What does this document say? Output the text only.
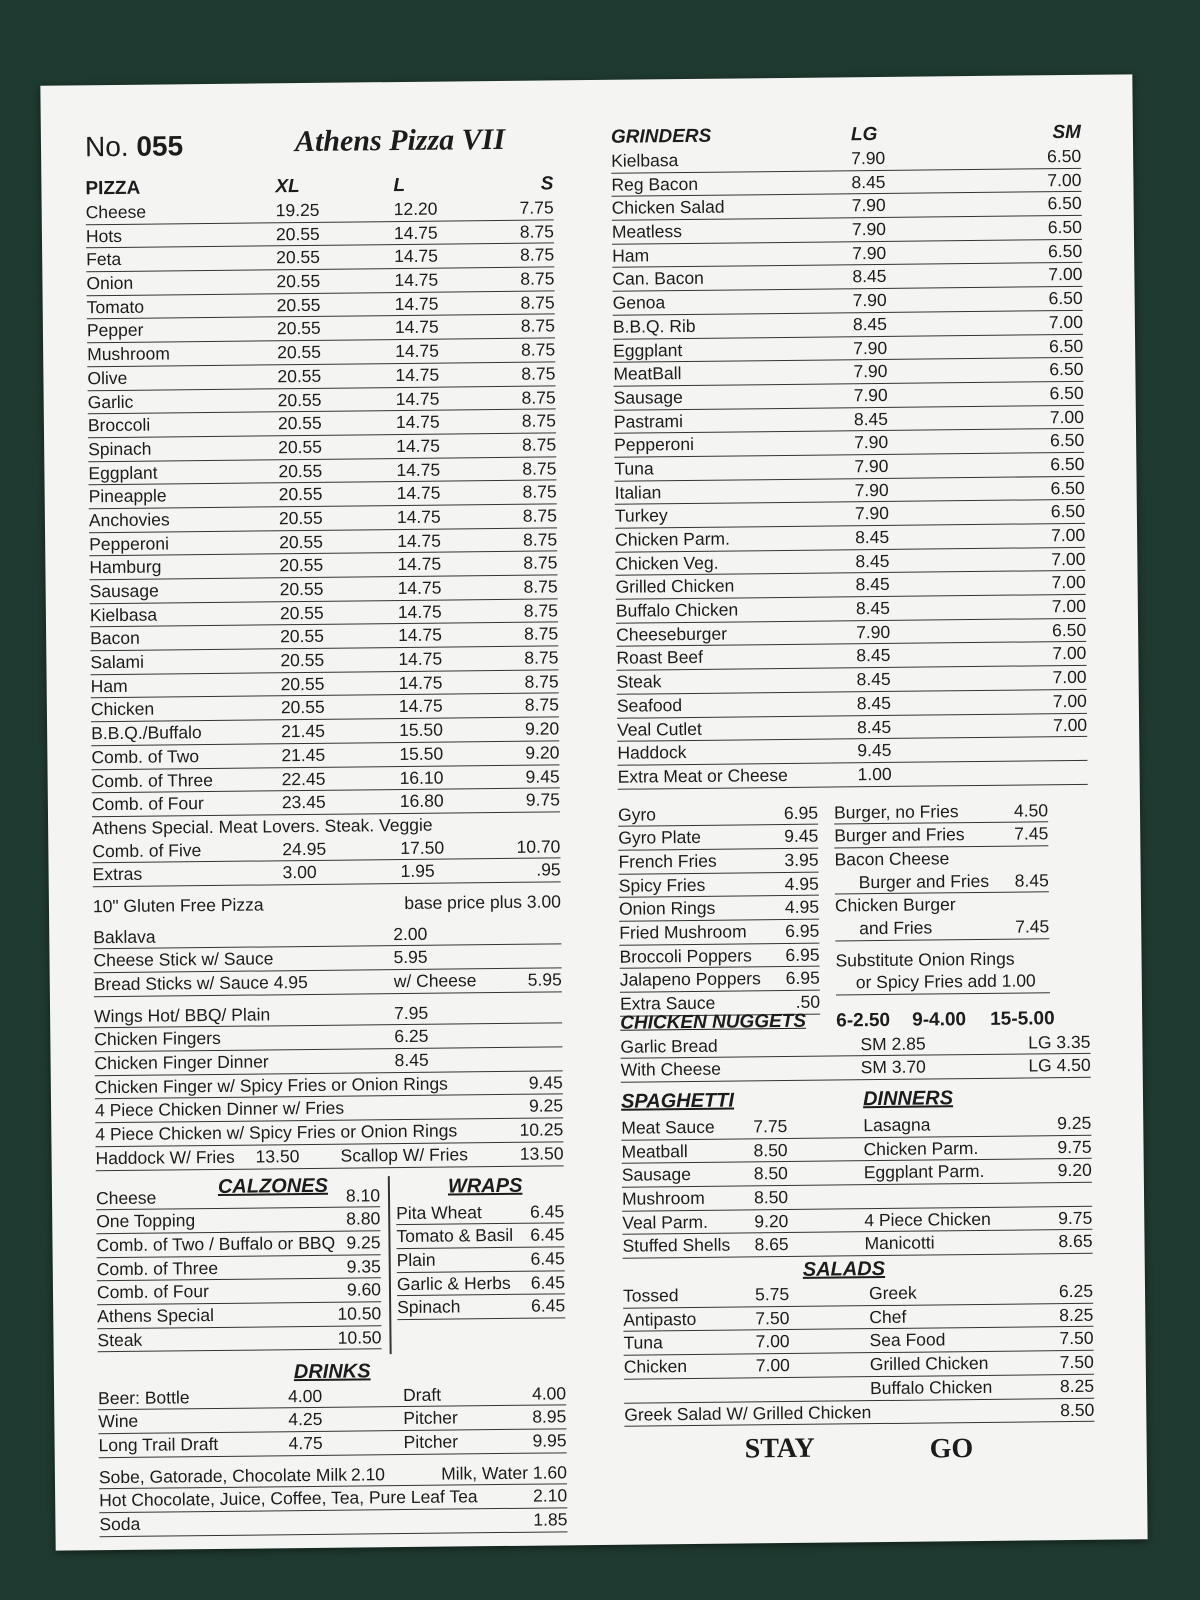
No. 055	Athens Pizza VII
PIZZA	XL	L	S
Cheese	19.25	12.20	7.75
Hots	20.55	14.75	8.75
Feta	20.55	14.75	8.75
Onion	20.55	14.75	8.75
Tomato	20.55	14.75	8.75
Pepper	20.55	14.75	8.75
Mushroom	20.55	14.75	8.75
Olive	20.55	14.75	8.75
Garlic	20.55	14.75	8.75
Broccoli	20.55	14.75	8.75
Spinach	20.55	14.75	8.75
Eggplant	20.55	14.75	8.75
Pineapple	20.55	14.75	8.75
Anchovies	20.55	14.75	8.75
Pepperoni	20.55	14.75	8.75
Hamburg	20.55	14.75	8.75
Sausage	20.55	14.75	8.75
Kielbasa	20.55	14.75	8.75
Bacon	20.55	14.75	8.75
Salami	20.55	14.75	8.75
Ham	20.55	14.75	8.75
Chicken	20.55	14.75	8.75
B.B.Q./Buffalo	21.45	15.50	9.20
Comb. of Two	21.45	15.50	9.20
Comb. of Three	22.45	16.10	9.45
Comb. of Four	23.45	16.80	9.75
Athens Special. Meat Lovers. Steak. Veggie
Comb. of Five	24.95	17.50	10.70
Extras	3.00	1.95	.95
10" Gluten Free Pizza	base price plus 3.00
Baklava	2.00
Cheese Stick w/ Sauce	5.95
Bread Sticks w/ Sauce 4.95	w/ Cheese	5.95
Wings Hot/ BBQ/ Plain	7.95
Chicken Fingers	6.25
Chicken Finger Dinner	8.45
Chicken Finger w/ Spicy Fries or Onion Rings	9.45
4 Piece Chicken Dinner w/ Fries	9.25
4 Piece Chicken w/ Spicy Fries or Onion Rings	10.25
Haddock W/ Fries 13.50 Scallop W/ Fries	13.50
CALZONES
Cheese	8.10
One Topping	8.80
Comb. of Two / Buffalo or BBQ 9.25
Comb. of Three	9.35
Comb. of Four	9.60
Athens Special	10.50
Steak	10.50
WRAPS
Pita Wheat	6.45
Tomato & Basil 6.45
Plain	6.45
Garlic & Herbs 6.45
Spinach	6.45
DRINKS
Beer: Bottle	4.00	Draft	4.00
Wine	4.25	Pitcher	8.95
Long Trail Draft	4.75	Pitcher	9.95
Sobe, Gatorade, Chocolate Milk 2.10	Milk, Water 1.60
Hot Chocolate, Juice, Coffee, Tea, Pure Leaf Tea	2.10
Soda	1.85
GRINDERS	LG	SM
Kielbasa	7.90	6.50
Reg Bacon	8.45	7.00
Chicken Salad	7.90	6.50
Meatless	7.90	6.50
Ham	7.90	6.50
Can. Bacon	8.45	7.00
Genoa	7.90	6.50
B.B.Q. Rib	8.45	7.00
Eggplant	7.90	6.50
MeatBall	7.90	6.50
Sausage	7.90	6.50
Pastrami	8.45	7.00
Pepperoni	7.90	6.50
Tuna	7.90	6.50
Italian	7.90	6.50
Turkey	7.90	6.50
Chicken Parm.	8.45	7.00
Chicken Veg.	8.45	7.00
Grilled Chicken	8.45	7.00
Buffalo Chicken	8.45	7.00
Cheeseburger	7.90	6.50
Roast Beef	8.45	7.00
Steak	8.45	7.00
Seafood	8.45	7.00
Veal Cutlet	8.45	7.00
Haddock	9.45
Extra Meat or Cheese	1.00
Gyro	6.95
Gyro Plate	9.45
French Fries	3.95
Spicy Fries	4.95
Onion Rings	4.95
Fried Mushroom 6.95
Broccoli Poppers 6.95
Jalapeno Poppers 6.95
Extra Sauce	.50
Burger, no Fries	4.50
Burger and Fries	7.45
Bacon Cheese
Burger and Fries 8.45
Chicken Burger
and Fries	7.45
Substitute Onion Rings
or Spicy Fries add 1.00
CHICKEN NUGGETS 6-2.50 9-4.00 15-5.00
Garlic Bread	SM 2.85	LG 3.35
With Cheese	SM 3.70	LG 4.50
SPAGHETTI	DINNERS
Meat Sauce 7.75	Lasagna	9.25
Meatball	8.50	Chicken Parm.	9.75
Sausage	8.50	Eggplant Parm.	9.20
Mushroom	8.50
Veal Parm.	9.20	4 Piece Chicken	9.75
Stuffed Shells 8.65	Manicotti	8.65
SALADS
Tossed	5.75	Greek	6.25
Antipasto	7.50	Chef	8.25
Tuna	7.00	Sea Food	7.50
Chicken	7.00	Grilled Chicken	7.50
Buffalo Chicken	8.25
Greek Salad W/ Grilled Chicken	8.50
STAY	GO
